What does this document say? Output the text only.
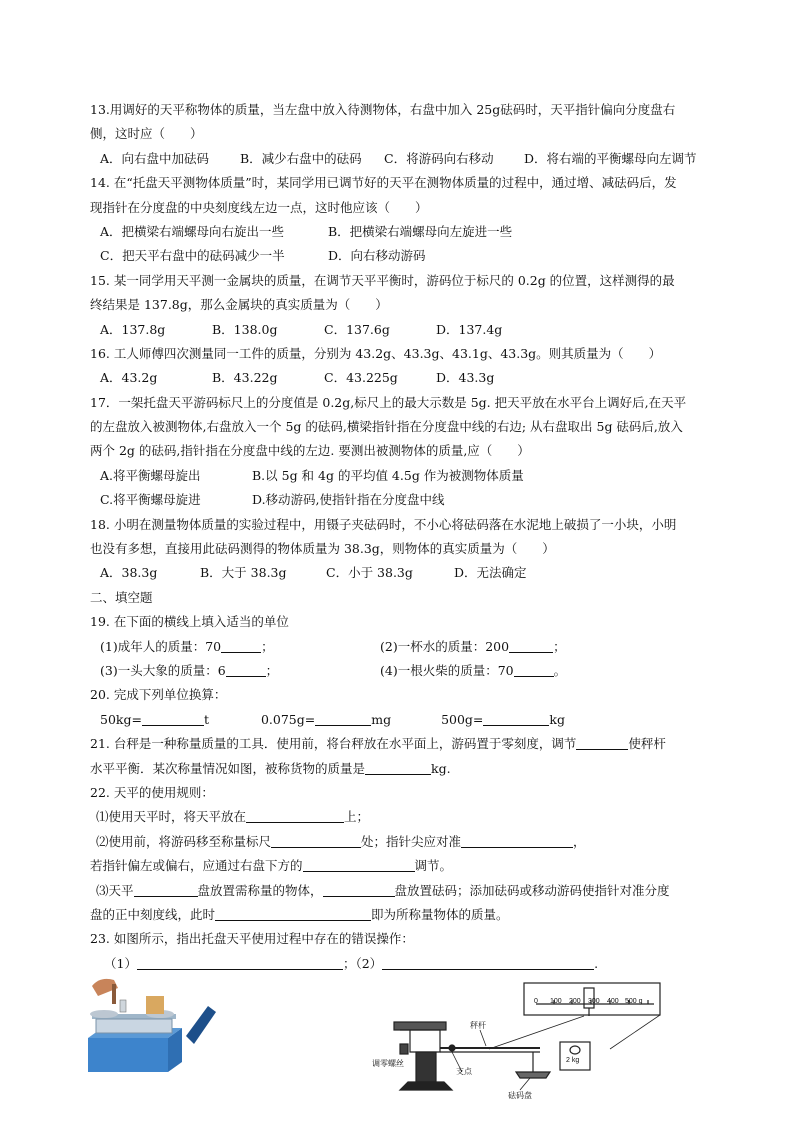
13.用调好的天平称物体的质量，当左盘中放入待测物体，右盘中加入 25g砝码时，天平指针偏向分度盘右
侧，这时应（　　）
A．向右盘中加砝码 B．减少右盘中的砝码 C．将游码向右移动 D．将右端的平衡螺母向左调节
14. 在“托盘天平测物体质量”时，某同学用已调节好的天平在测物体质量的过程中，通过增、减砝码后，发
现指针在分度盘的中央刻度线左边一点，这时他应该（　　）
A．把横梁右端螺母向右旋出一些	B．把横梁右端螺母向左旋进一些
C．把天平右盘中的砝码减少一半	D．向右移动游码
15. 某一同学用天平测一金属块的质量，在调节天平平衡时，游码位于标尺的 0.2g 的位置，这样测得的最
终结果是 137.8g，那么金属块的真实质量为（　　）
A．137.8g	B．138.0g	C．137.6g	D．137.4g
16. 工人师傅四次测量同一工件的质量，分别为 43.2g、43.3g、43.1g、43.3g。则其质量为（　　）
A．43.2g	B．43.22g	C．43.225g	D．43.3g
17．一架托盘天平游码标尺上的分度值是 0.2g,标尺上的最大示数是 5g. 把天平放在水平台上调好后,在天平
的左盘放入被测物体,右盘放入一个 5g 的砝码,横梁指针指在分度盘中线的右边; 从右盘取出 5g 砝码后,放入
两个 2g 的砝码,指针指在分度盘中线的左边. 要测出被测物体的质量,应（　　）
A.将平衡螺母旋出	B.以 5g 和 4g 的平均值 4.5g 作为被测物体质量
C.将平衡螺母旋进	D.移动游码,使指针指在分度盘中线
18. 小明在测量物体质量的实验过程中，用镊子夹砝码时，不小心将砝码落在水泥地上破损了一小块，小明
也没有多想，直接用此砝码测得的物体质量为 38.3g，则物体的真实质量为（　　）
A．38.3g	B．大于 38.3g	C．小于 38.3g	D．无法确定
二、填空题
19. 在下面的横线上填入适当的单位
(1)成年人的质量：70	；	(2)一杯水的质量：200	；
(3)一头大象的质量：6	；	(4)一根火柴的质量：70	。
20. 完成下列单位换算：
50kg=	t	0.075g=	mg	500g=	kg
21. 台秤是一种称量质量的工具．使用前，将台秤放在水平面上，游码置于零刻度，调节	使秤杆
水平平衡．某次称量情况如图，被称货物的质量是	kg.
22. 天平的使用规则：
⑴使用天平时，将天平放在	上；
⑵使用前，将游码移至称量标尺	处；指针尖应对准	，
若指针偏左或偏右，应通过右盘下方的	调节。
⑶天平	盘放置需称量的物体，	盘放置砝码；添加砝码或移动游码使指针对准分度
盘的正中刻度线，此时	即为所称量物体的质量。
23. 如图所示，指出托盘天平使用过程中存在的错误操作：
（1）	；（2）	.
0 100 200 300 400 500 g
秤杆
支点
调零螺丝
砝码盘
2 kg
